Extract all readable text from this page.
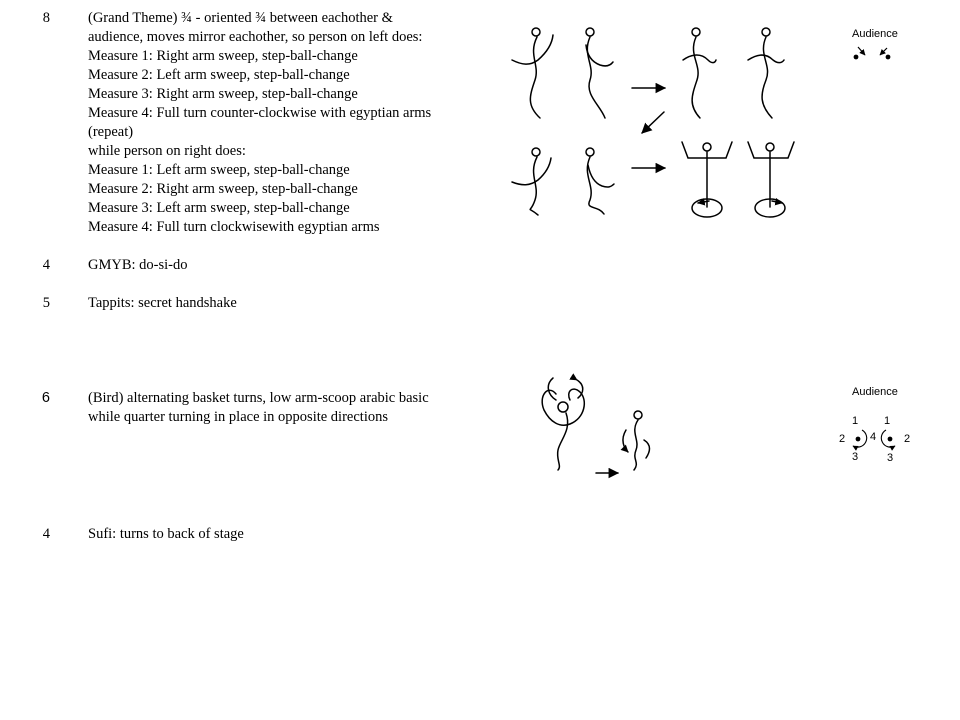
8	(Grand Theme) ¾ - oriented ¾ between eachother &
audience, moves mirror eachother, so person on left does:
Measure 1: Right arm sweep, step-ball-change
Measure 2: Left arm sweep, step-ball-change
Measure 3: Right arm sweep, step-ball-change
Measure 4: Full turn counter-clockwise with egyptian arms
(repeat)
while person on right does:
Measure 1: Left arm sweep, step-ball-change
Measure 2: Right arm sweep, step-ball-change
Measure 3: Left arm sweep, step-ball-change
Measure 4: Full turn clockwisewith egyptian arms
4	GMYB: do-si-do
5	Tappits: secret handshake
6	(Bird) alternating basket turns, low arm-scoop arabic basic
while quarter turning in place in opposite directions
4	Sufi: turns to back of stage
Audience
Audience
1 1
2	2
4
3	3
